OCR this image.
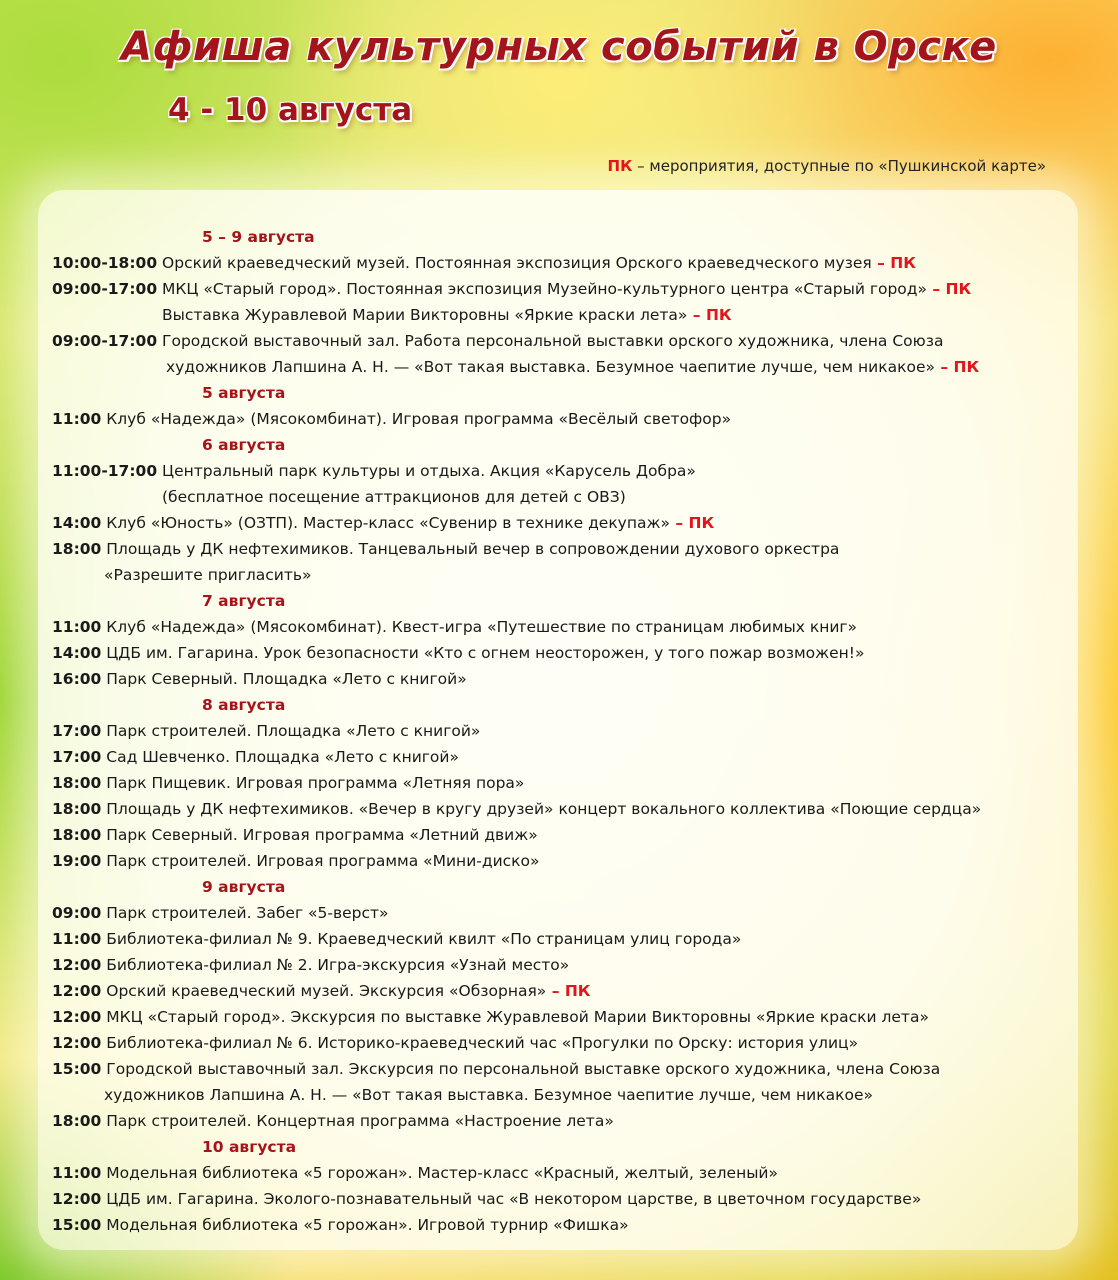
Афиша культурных событий в Орске
4 - 10 августа
ПК – мероприятия, доступные по «Пушкинской карте»
5 – 9 августа
10:00-18:00 Орский краеведческий музей. Постоянная экспозиция Орского краеведческого музея – ПК
09:00-17:00 МКЦ «Старый город». Постоянная экспозиция Музейно-культурного центра «Старый город» – ПК
Выставка Журавлевой Марии Викторовны «Яркие краски лета» – ПК
09:00-17:00 Городской выставочный зал. Работа персональной выставки орского художника, члена Союза
художников Лапшина А. Н. — «Вот такая выставка. Безумное чаепитие лучше, чем никакое» – ПК
5 августа
11:00 Клуб «Надежда» (Мясокомбинат). Игровая программа «Весёлый светофор»
6 августа
11:00-17:00 Центральный парк культуры и отдыха. Акция «Карусель Добра»
(бесплатное посещение аттракционов для детей с ОВЗ)
14:00 Клуб «Юность» (ОЗТП). Мастер-класс «Сувенир в технике декупаж» – ПК
18:00 Площадь у ДК нефтехимиков. Танцевальный вечер в сопровождении духового оркестра
«Разрешите пригласить»
7 августа
11:00 Клуб «Надежда» (Мясокомбинат). Квест-игра «Путешествие по страницам любимых книг»
14:00 ЦДБ им. Гагарина. Урок безопасности «Кто с огнем неосторожен, у того пожар возможен!»
16:00 Парк Северный. Площадка «Лето с книгой»
8 августа
17:00 Парк строителей. Площадка «Лето с книгой»
17:00 Сад Шевченко. Площадка «Лето с книгой»
18:00 Парк Пищевик. Игровая программа «Летняя пора»
18:00 Площадь у ДК нефтехимиков. «Вечер в кругу друзей» концерт вокального коллектива «Поющие сердца»
18:00 Парк Северный. Игровая программа «Летний движ»
19:00 Парк строителей. Игровая программа «Мини-диско»
9 августа
09:00 Парк строителей. Забег «5-верст»
11:00 Библиотека-филиал № 9. Краеведческий квилт «По страницам улиц города»
12:00 Библиотека-филиал № 2. Игра-экскурсия «Узнай место»
12:00 Орский краеведческий музей. Экскурсия «Обзорная» – ПК
12:00 МКЦ «Старый город». Экскурсия по выставке Журавлевой Марии Викторовны «Яркие краски лета»
12:00 Библиотека-филиал № 6. Историко-краеведческий час «Прогулки по Орску: история улиц»
15:00 Городской выставочный зал. Экскурсия по персональной выставке орского художника, члена Союза
художников Лапшина А. Н. — «Вот такая выставка. Безумное чаепитие лучше, чем никакое»
18:00 Парк строителей. Концертная программа «Настроение лета»
10 августа
11:00 Модельная библиотека «5 горожан». Мастер-класс «Красный, желтый, зеленый»
12:00 ЦДБ им. Гагарина. Эколого-познавательный час «В некотором царстве, в цветочном государстве»
15:00 Модельная библиотека «5 горожан». Игровой турнир «Фишка»
